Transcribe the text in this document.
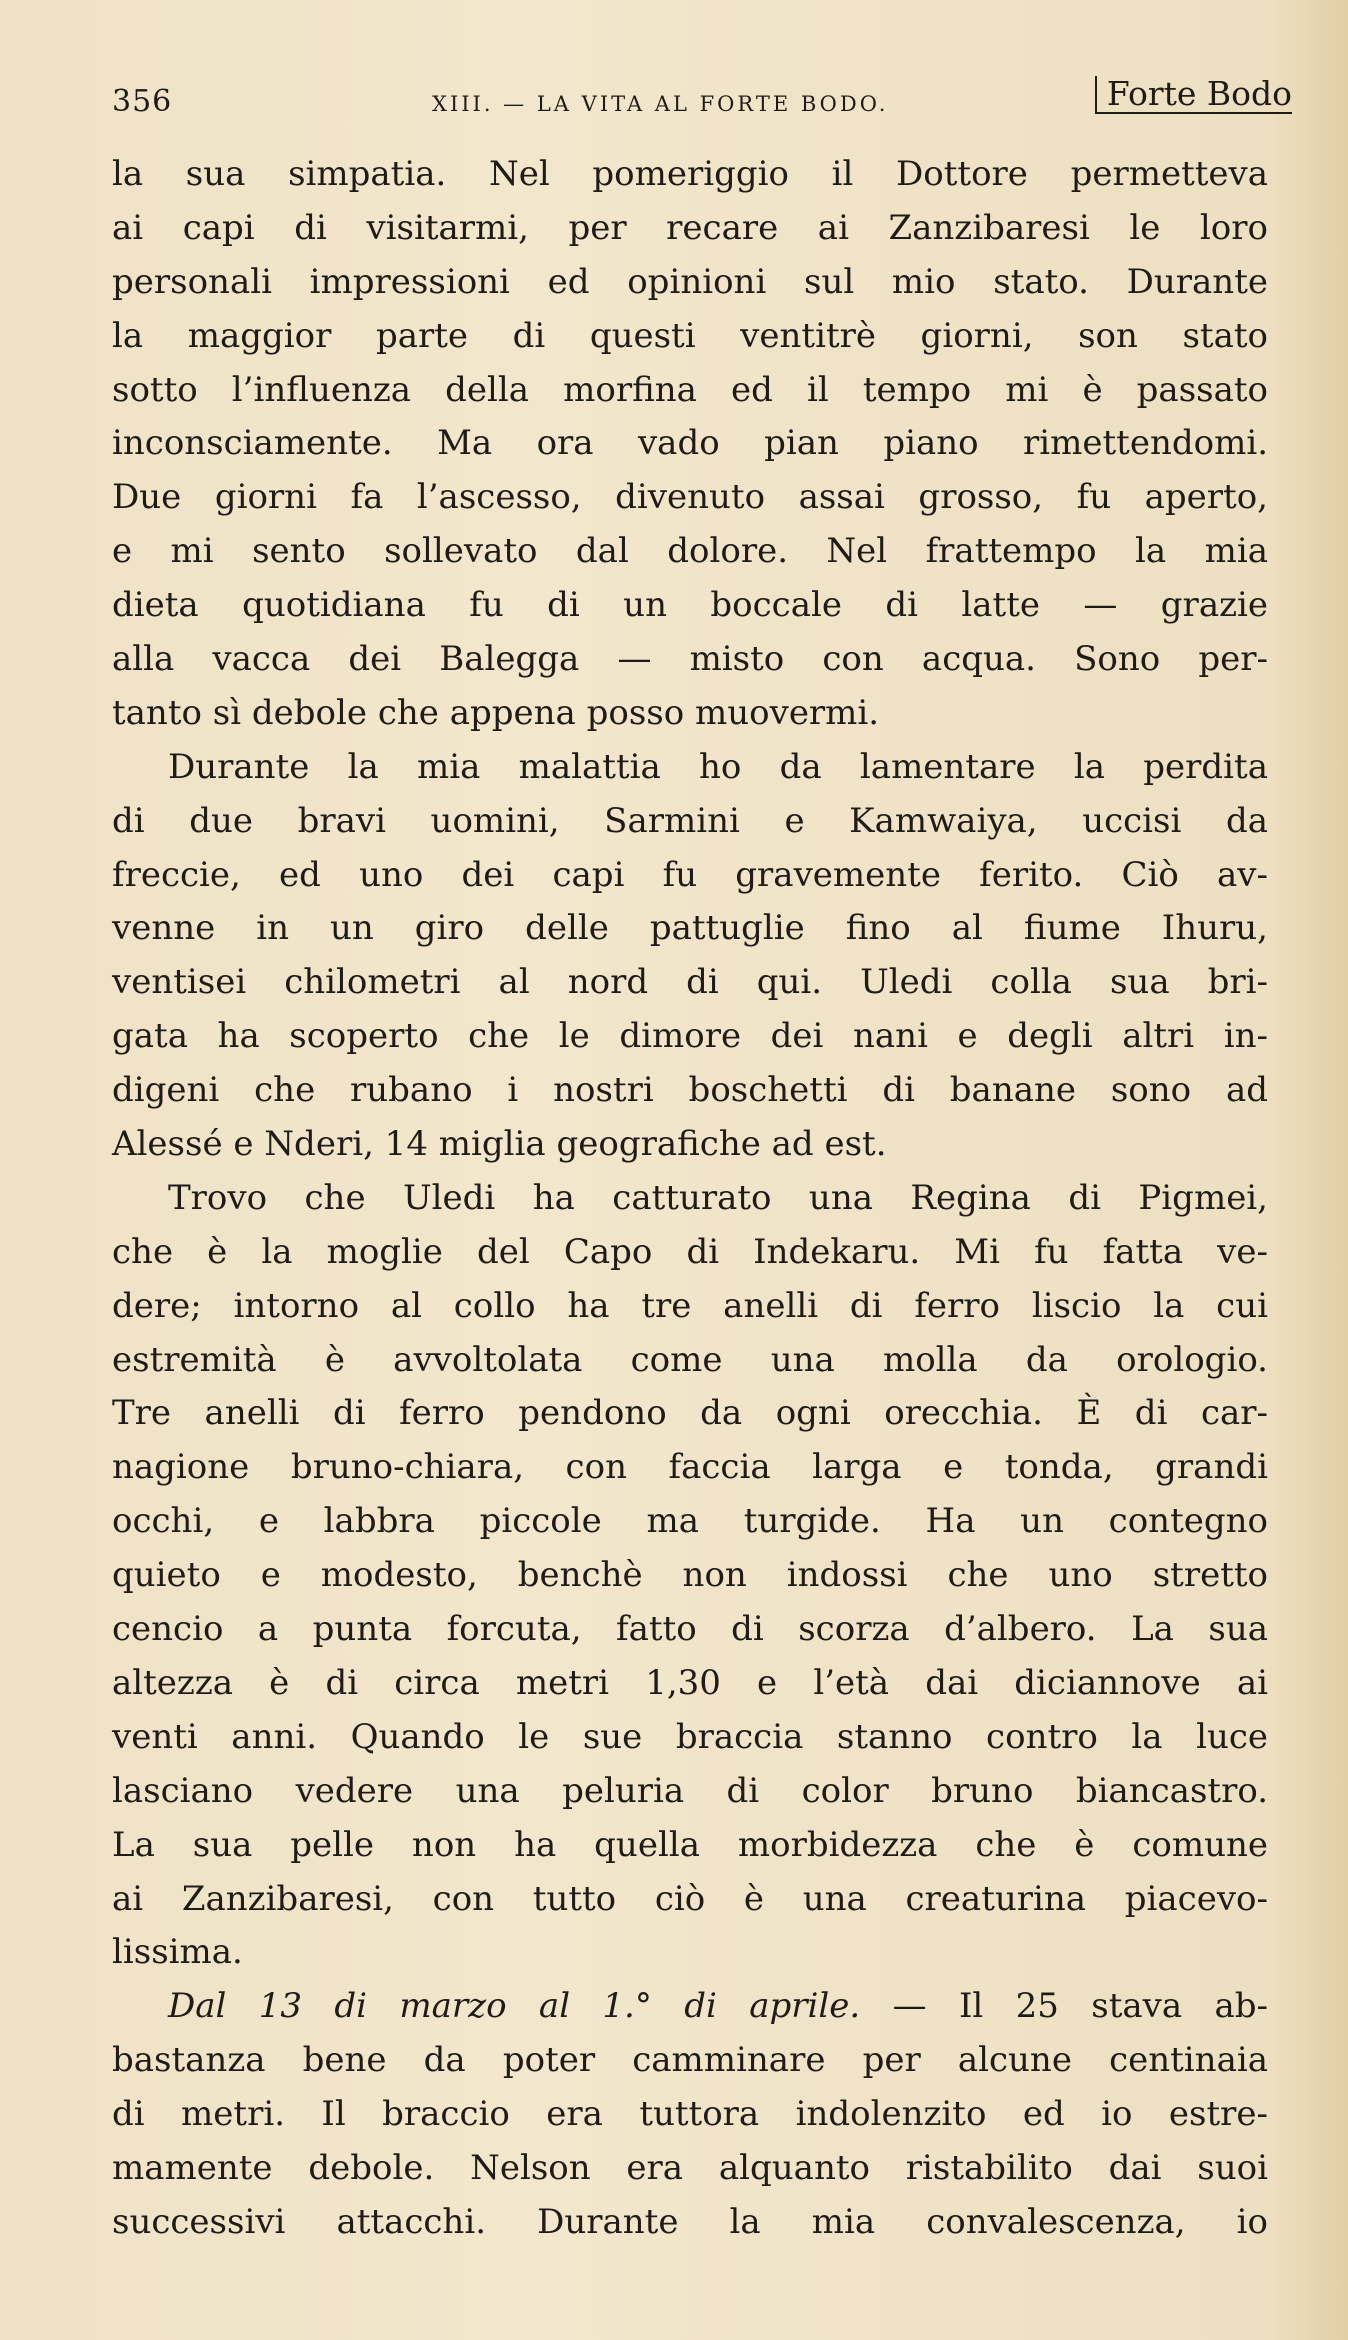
356	XIII. — LA VITA AL FORTE BODO.	Forte Bodo
la sua simpatia. Nel pomeriggio il Dottore permetteva
ai capi di visitarmi, per recare ai Zanzibaresi le loro
personali impressioni ed opinioni sul mio stato. Durante
la maggior parte di questi ventitrè giorni, son stato
sotto l’influenza della morfina ed il tempo mi è passato
inconsciamente. Ma ora vado pian piano rimettendomi.
Due giorni fa l’ascesso, divenuto assai grosso, fu aperto,
e mi sento sollevato dal dolore. Nel frattempo la mia
dieta quotidiana fu di un boccale di latte — grazie
alla vacca dei Balegga — misto con acqua. Sono per-
tanto sì debole che appena posso muovermi.
Durante la mia malattia ho da lamentare la perdita
di due bravi uomini, Sarmini e Kamwaiya, uccisi da
freccie, ed uno dei capi fu gravemente ferito. Ciò av-
venne in un giro delle pattuglie fino al fiume Ihuru,
ventisei chilometri al nord di qui. Uledi colla sua bri-
gata ha scoperto che le dimore dei nani e degli altri in-
digeni che rubano i nostri boschetti di banane sono ad
Alessé e Nderi, 14 miglia geografiche ad est.
Trovo che Uledi ha catturato una Regina di Pigmei,
che è la moglie del Capo di Indekaru. Mi fu fatta ve-
dere; intorno al collo ha tre anelli di ferro liscio la cui
estremità è avvoltolata come una molla da orologio.
Tre anelli di ferro pendono da ogni orecchia. È di car-
nagione bruno-chiara, con faccia larga e tonda, grandi
occhi, e labbra piccole ma turgide. Ha un contegno
quieto e modesto, benchè non indossi che uno stretto
cencio a punta forcuta, fatto di scorza d’albero. La sua
altezza è di circa metri 1,30 e l’età dai diciannove ai
venti anni. Quando le sue braccia stanno contro la luce
lasciano vedere una peluria di color bruno biancastro.
La sua pelle non ha quella morbidezza che è comune
ai Zanzibaresi, con tutto ciò è una creaturina piacevo-
lissima.
Dal 13 di marzo al 1.° di aprile. — Il 25 stava ab-
bastanza bene da poter camminare per alcune centinaia
di metri. Il braccio era tuttora indolenzito ed io estre-
mamente debole. Nelson era alquanto ristabilito dai suoi
successivi attacchi. Durante la mia convalescenza, io
